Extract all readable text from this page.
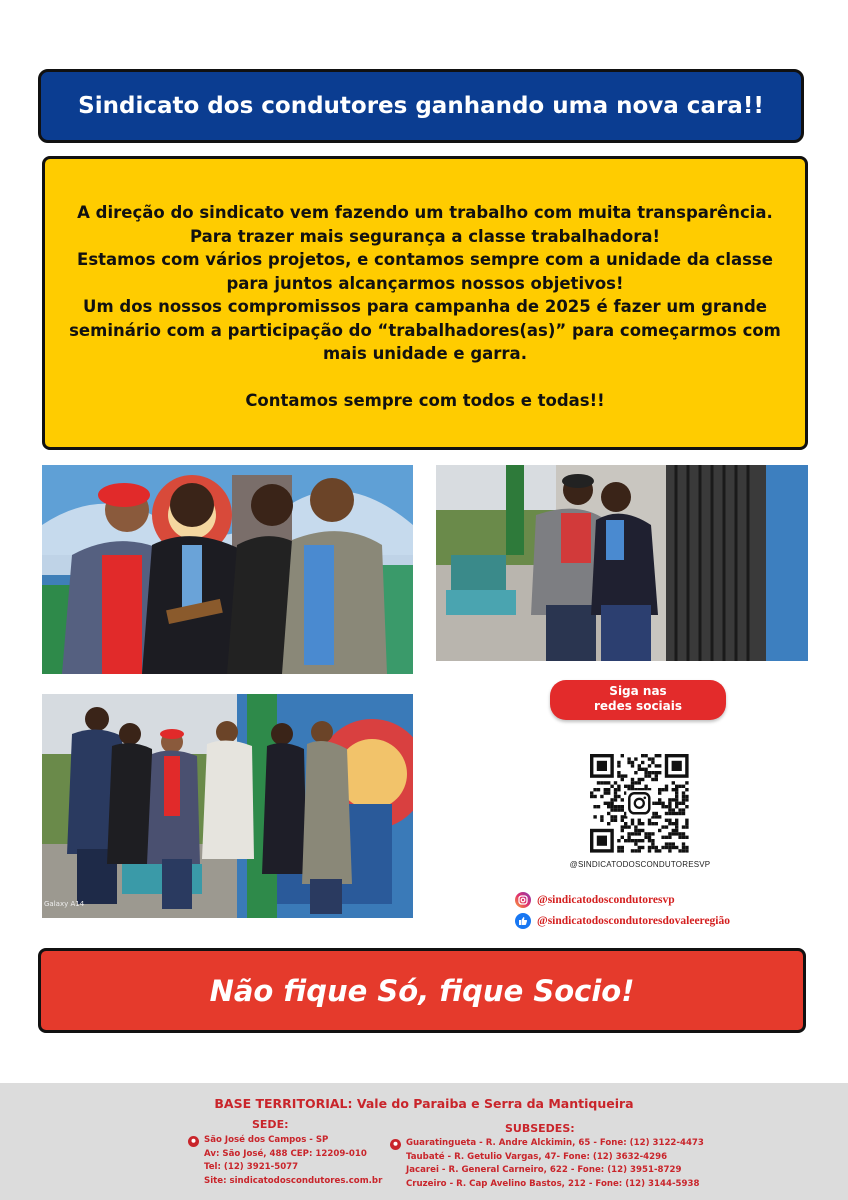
Sindicato dos condutores ganhando uma nova cara!!

A direção do sindicato vem fazendo um trabalho com muita transparência.

Para trazer mais segurança a classe trabalhadora!

Estamos com vários projetos, e contamos sempre com a unidade da classe

para juntos alcançarmos nossos objetivos!

Um dos nossos compromissos para campanha de 2025 é fazer um grande

seminário com a participação do “trabalhadores(as)” para começarmos com

mais unidade e garra.

Contamos sempre com todos e todas!!

Galaxy A14
Siga nas
redes sociais
@SINDICATODOSCONDUTORESVP
@sindicatodoscondutoresvp
@sindicatodoscondutoresdovaleeregião
Não fique Só, fique Socio!
BASE TERRITORIAL: Vale do Paraiba e Serra da Mantiqueira
SEDE:
São José dos Campos - SP
Av: São José, 488 CEP: 12209-010
Tel: (12) 3921-5077
Site: sindicatodoscondutores.com.br
SUBSEDES:
Guaratingueta - R. Andre Alckimin, 65 - Fone: (12) 3122-4473
Taubaté - R. Getulio Vargas, 47- Fone: (12) 3632-4296
Jacarei - R. General Carneiro, 622 - Fone: (12) 3951-8729
Cruzeiro - R. Cap Avelino Bastos, 212 - Fone: (12) 3144-5938
